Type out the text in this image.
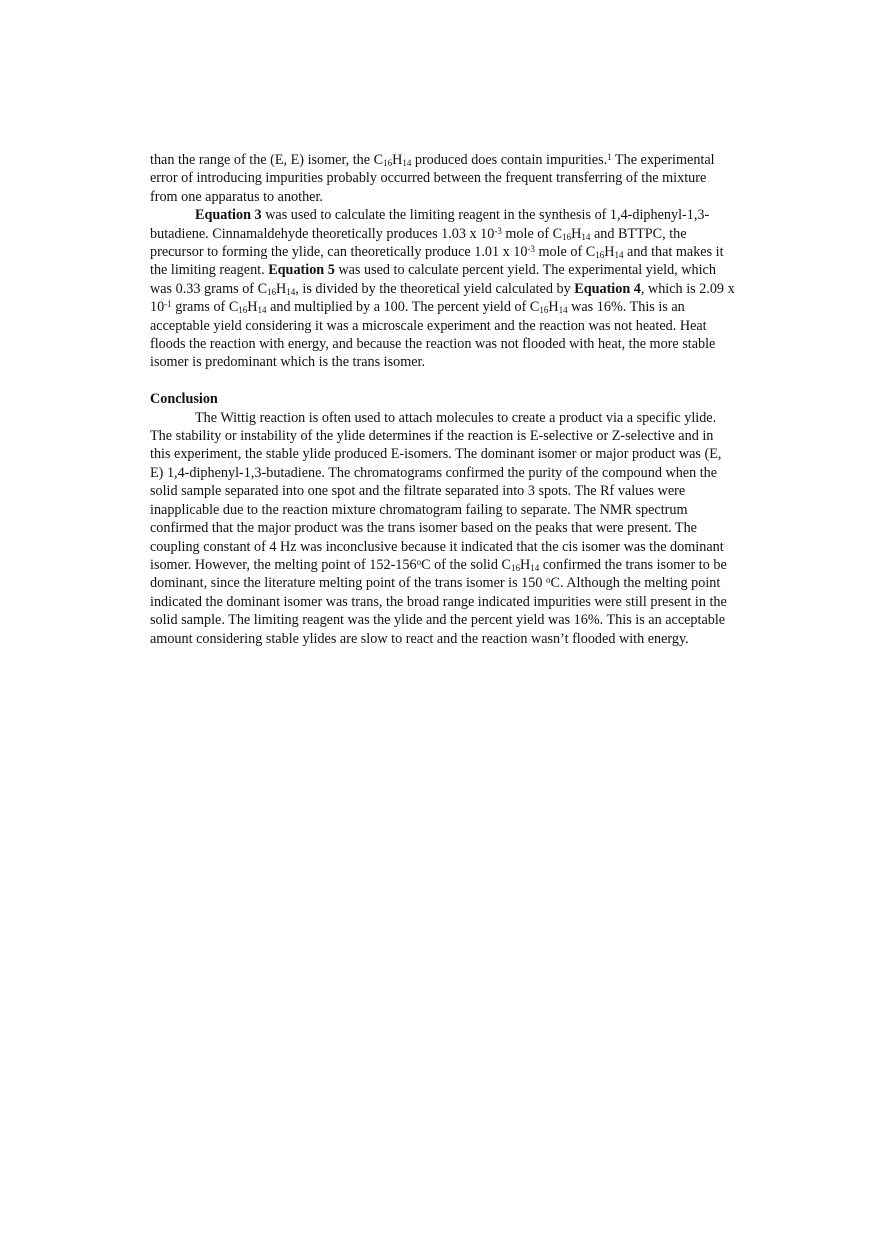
than the range of the (E, E) isomer, the $C_{16}H_{14}$ produced does contain impurities.$^1$ The experimental error of introducing impurities probably occurred between the frequent transferring of the mixture from one apparatus to another.

Equation 3 was used to calculate the limiting reagent in the synthesis of 1,4-diphenyl-1,3-butadiene. Cinnamaldehyde theoretically produces 1.03 x $10^{-3}$ mole of $C_{16}H_{14}$ and BTTPC, the precursor to forming the ylide, can theoretically produce 1.01 x $10^{-3}$ mole of $C_{16}H_{14}$ and that makes it the limiting reagent. Equation 5 was used to calculate percent yield. The experimental yield, which was 0.33 grams of $C_{16}H_{14}$, is divided by the theoretical yield calculated by Equation 4, which is 2.09 x $10^{-1}$ grams of $C_{16}H_{14}$ and multiplied by a 100. The percent yield of $C_{16}H_{14}$ was 16%. This is an acceptable yield considering it was a microscale experiment and the reaction was not heated. Heat floods the reaction with energy, and because the reaction was not flooded with heat, the more stable isomer is predominant which is the trans isomer.

Conclusion

The Wittig reaction is often used to attach molecules to create a product via a specific ylide. The stability or instability of the ylide determines if the reaction is E-selective or Z-selective and in this experiment, the stable ylide produced E-isomers. The dominant isomer or major product was (E, E) 1,4-diphenyl-1,3-butadiene. The chromatograms confirmed the purity of the compound when the solid sample separated into one spot and the filtrate separated into 3 spots. The Rf values were inapplicable due to the reaction mixture chromatogram failing to separate. The NMR spectrum confirmed that the major product was the trans isomer based on the peaks that were present. The coupling constant of 4 Hz was inconclusive because it indicated that the cis isomer was the dominant isomer. However, the melting point of 152-156$^o$C of the solid $C_{16}H_{14}$ confirmed the trans isomer to be dominant, since the literature melting point of the trans isomer is 150 $^o$C. Although the melting point indicated the dominant isomer was trans, the broad range indicated impurities were still present in the solid sample. The limiting reagent was the ylide and the percent yield was 16%. This is an acceptable amount considering stable ylides are slow to react and the reaction wasn’t flooded with energy.
